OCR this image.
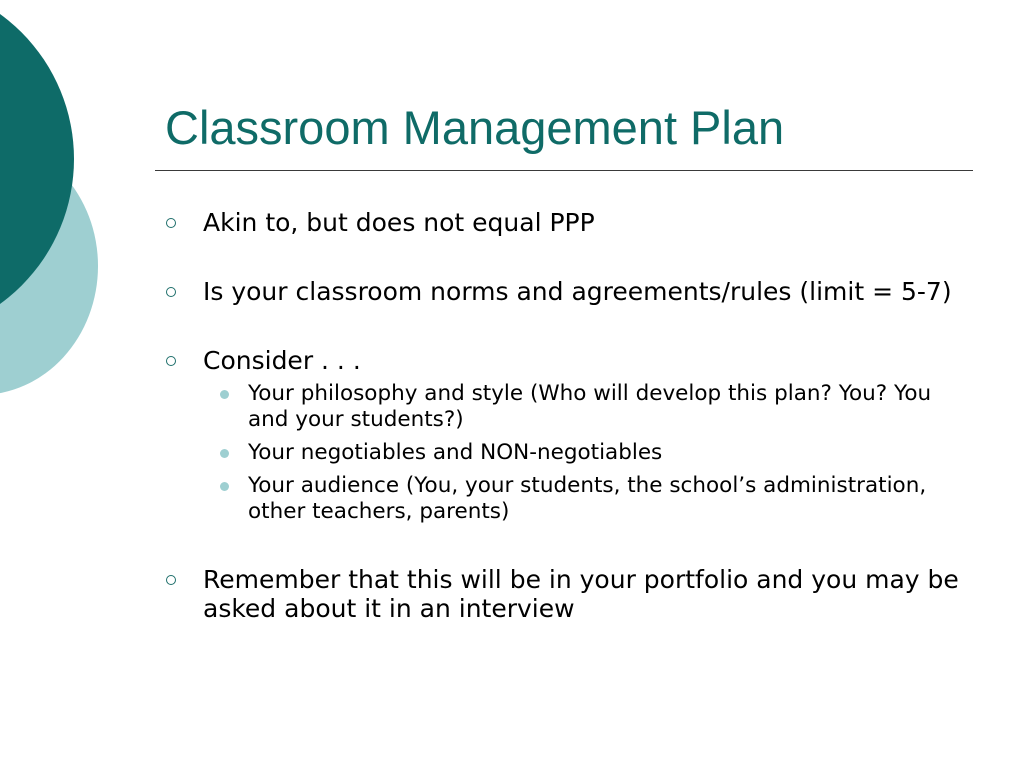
Classroom Management Plan
Akin to, but does not equal PPP
Is your classroom norms and agreements/rules (limit = 5-7)
Consider . . .
Your philosophy and style (Who will develop this plan? You? You and your students?)
Your negotiables and NON-negotiables
Your audience (You, your students, the school’s administration, other teachers, parents)
Remember that this will be in your portfolio and you may be asked about it in an interview
